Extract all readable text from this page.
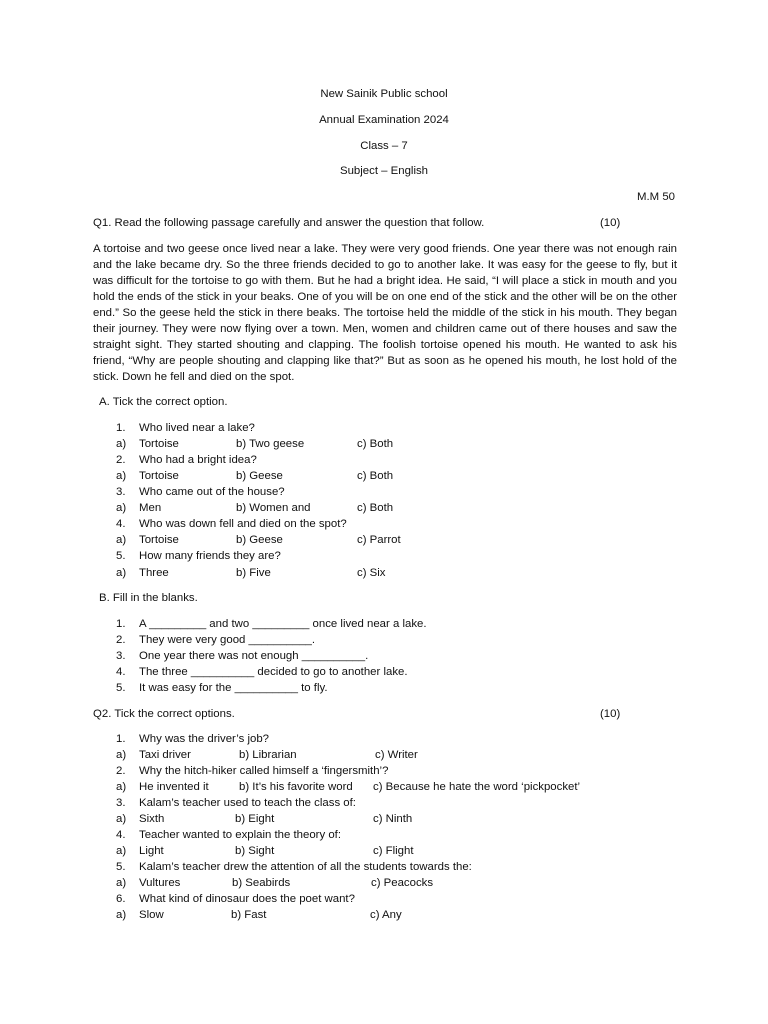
New Sainik Public school
Annual Examination 2024
Class – 7
Subject – English
M.M 50
Q1. Read the following passage carefully and answer the question that follow.	(10)
A tortoise and two geese once lived near a lake. They were very good friends. One year there was not enough rain and the lake became dry. So the three friends decided to go to another lake. It was easy for the geese to fly, but it was difficult for the tortoise to go with them. But he had a bright idea. He said, “I will place a stick in mouth and you hold the ends of the stick in your beaks. One of you will be on one end of the stick and the other will be on the other end.” So the geese held the stick in there beaks. The tortoise held the middle of the stick in his mouth. They began their journey. They were now flying over a town. Men, women and children came out of there houses and saw the straight sight. They started shouting and clapping. The foolish tortoise opened his mouth. He wanted to ask his friend, “Why are people shouting and clapping like that?” But as soon as he opened his mouth, he lost hold of the stick. Down he fell and died on the spot.
A. Tick the correct option.
1. Who lived near a lake?
a) Tortoise	b) Two geese	c) Both
2. Who had a bright idea?
a) Tortoise	b) Geese	c) Both
3. Who came out of the house?
a) Men	b) Women and	c) Both
4. Who was down fell and died on the spot?
a) Tortoise	b) Geese	c) Parrot
5. How many friends they are?
a) Three	b) Five	c) Six
B. Fill in the blanks.
1. A _________ and two _________ once lived near a lake.
2. They were very good __________.
3. One year there was not enough __________.
4. The three __________ decided to go to another lake.
5. It was easy for the __________ to fly.
Q2. Tick the correct options.	(10)
1. Why was the driver’s job?
a) Taxi driver	b) Librarian	c) Writer
2. Why the hitch-hiker called himself a ‘fingersmith’?
a) He invented it	b) It’s his favorite word c) Because he hate the word ‘pickpocket’
3. Kalam’s teacher used to teach the class of:
a) Sixth	b) Eight	c) Ninth
4. Teacher wanted to explain the theory of:
a) Light	b) Sight	c) Flight
5. Kalam’s teacher drew the attention of all the students towards the:
a) Vultures	b) Seabirds	c) Peacocks
6. What kind of dinosaur does the poet want?
a) Slow	b) Fast	c) Any
